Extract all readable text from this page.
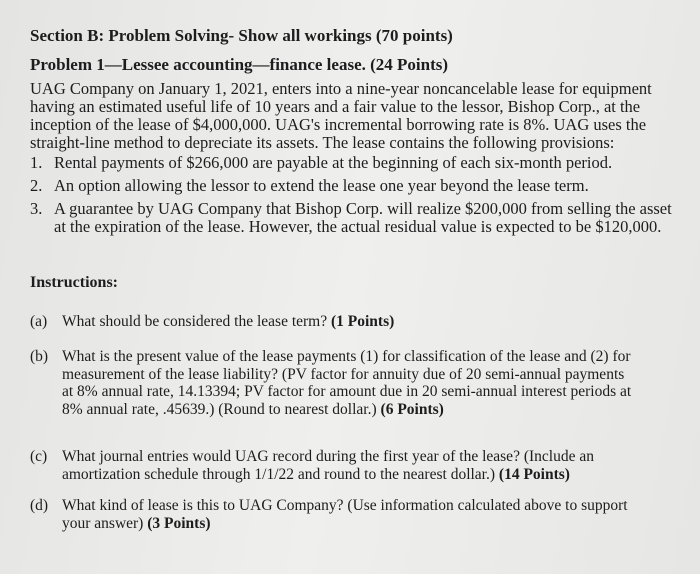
Section B: Problem Solving- Show all workings (70 points)
Problem 1—Lessee accounting—finance lease. (24 Points)
UAG Company on January 1, 2021, enters into a nine-year noncancelable lease for equipment
having an estimated useful life of 10 years and a fair value to the lessor, Bishop Corp., at the
inception of the lease of $4,000,000. UAG's incremental borrowing rate is 8%. UAG uses the
straight-line method to depreciate its assets. The lease contains the following provisions:
1. Rental payments of $266,000 are payable at the beginning of each six-month period.
2. An option allowing the lessor to extend the lease one year beyond the lease term.
3. A guarantee by UAG Company that Bishop Corp. will realize $200,000 from selling the asset
at the expiration of the lease. However, the actual residual value is expected to be $120,000.
Instructions:
(a) What should be considered the lease term? (1 Points)
(b) What is the present value of the lease payments (1) for classification of the lease and (2) for
measurement of the lease liability? (PV factor for annuity due of 20 semi-annual payments
at 8% annual rate, 14.13394; PV factor for amount due in 20 semi-annual interest periods at
8% annual rate, .45639.) (Round to nearest dollar.) (6 Points)
(c) What journal entries would UAG record during the first year of the lease? (Include an
amortization schedule through 1/1/22 and round to the nearest dollar.) (14 Points)
(d) What kind of lease is this to UAG Company? (Use information calculated above to support
your answer) (3 Points)
